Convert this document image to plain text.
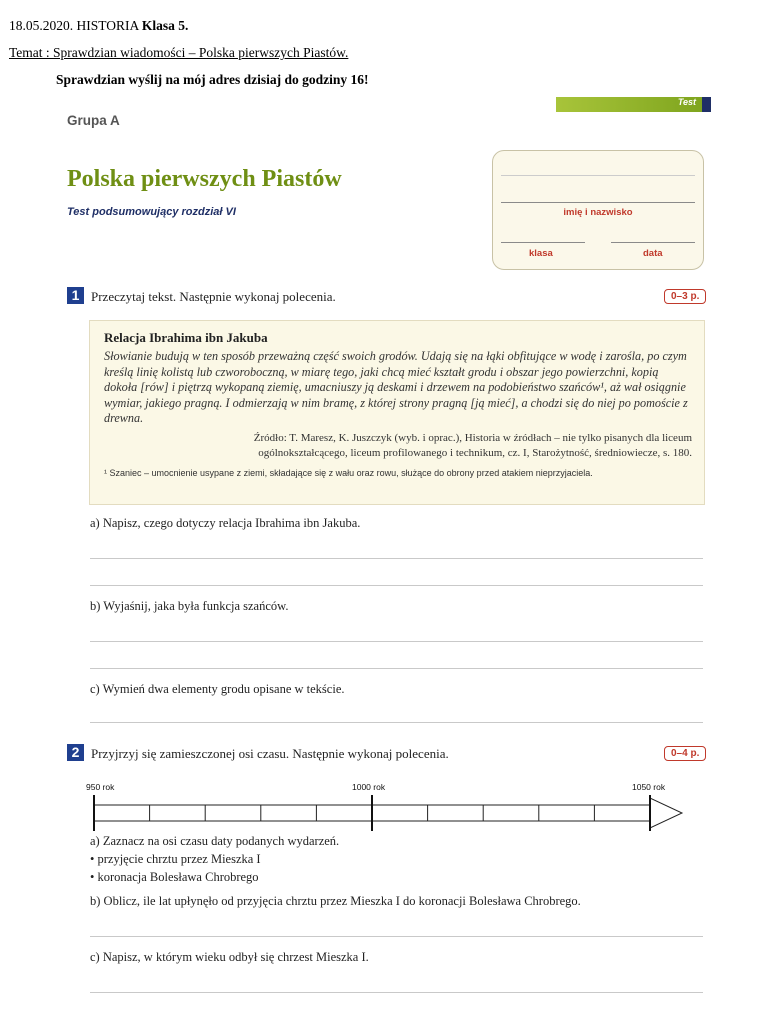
18.05.2020. HISTORIA Klasa 5.
Temat : Sprawdzian wiadomości – Polska pierwszych Piastów.
Sprawdzian wyślij na mój adres dzisiaj do godziny 16!
Test
Grupa A
Polska pierwszych Piastów
Test podsumowujący rozdział VI	imię i nazwisko
klasa	data
1 Przeczytaj tekst. Następnie wykonaj polecenia.	0–3 p.
Relacja Ibrahima ibn Jakuba
Słowianie budują w ten sposób przeważną część swoich grodów. Udają się na łąki obfitujące w wodę i zarośla, po czym kreślą linię kolistą lub czworoboczną, w miarę tego, jaki chcą mieć kształt grodu i obszar jego powierzchni, kopią dokoła [rów] i piętrzą wykopaną ziemię, umacniuszy ją deskami i drzewem na podobieństwo szańców¹, aż wał osiągnie wymiar, jakiego pragną. I odmierzają w nim bramę, z której strony pragną [ją mieć], a chodzi się do niej po pomoście z drewna.
Źródło: T. Maresz, K. Juszczyk (wyb. i oprac.), Historia w źródłach – nie tylko pisanych dla liceum ogólnokształcącego, liceum profilowanego i technikum, cz. I, Starożytność, średniowiecze, s. 180.
¹ Szaniec – umocnienie usypane z ziemi, składające się z wału oraz rowu, służące do obrony przed atakiem nieprzyjaciela.
a) Napisz, czego dotyczy relacja Ibrahima ibn Jakuba.
b) Wyjaśnij, jaka była funkcja szańców.
c) Wymień dwa elementy grodu opisane w tekście.
2 Przyjrzyj się zamieszczonej osi czasu. Następnie wykonaj polecenia.	0–4 p.
950 rok	1000 rok	1050 rok
a) Zaznacz na osi czasu daty podanych wydarzeń.
• przyjęcie chrztu przez Mieszka I
• koronacja Bolesława Chrobrego
b) Oblicz, ile lat upłynęło od przyjęcia chrztu przez Mieszka I do koronacji Bolesława Chrobrego.
c) Napisz, w którym wieku odbył się chrzest Mieszka I.
